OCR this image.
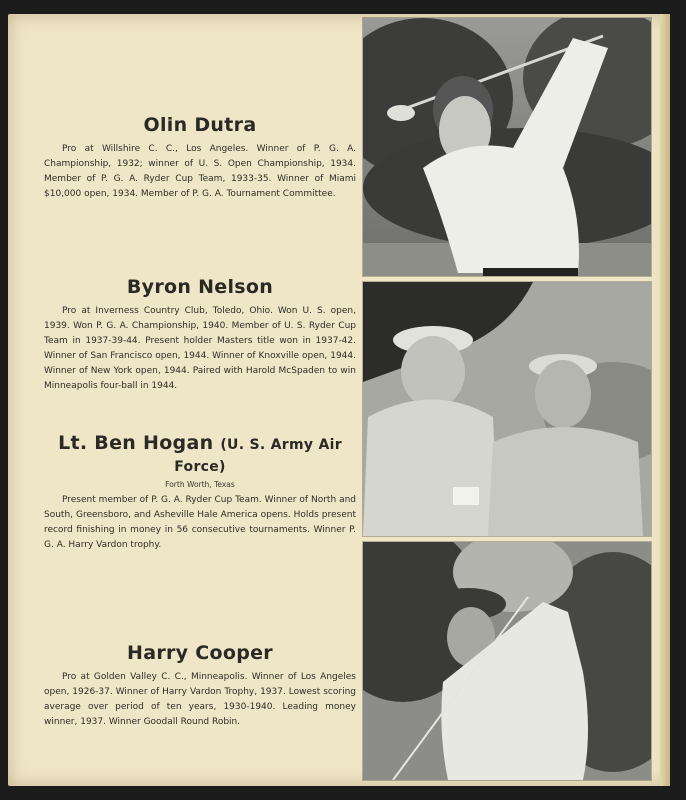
Olin Dutra

Pro at Willshire C. C., Los Angeles. Winner of P. G. A. Championship, 1932; winner of U. S. Open Championship, 1934. Member of P. G. A. Ryder Cup Team, 1933-35. Winner of Miami $10,000 open, 1934. Member of P. G. A. Tournament Committee.

Byron Nelson

Pro at Inverness Country Club, Toledo, Ohio. Won U. S. open, 1939. Won P. G. A. Championship, 1940. Member of U. S. Ryder Cup Team in 1937-39-44. Present holder Masters title won in 1937-42. Winner of San Francisco open, 1944. Winner of Knoxville open, 1944. Winner of New York open, 1944. Paired with Harold McSpaden to win Minneapolis four-ball in 1944.

Lt. Ben Hogan (U. S. Army Air Force)
Forth Worth, Texas

Present member of P. G. A. Ryder Cup Team. Winner of North and South, Greensboro, and Asheville Hale America opens. Holds present record finishing in money in 56 consecutive tournaments. Winner P. G. A. Harry Vardon trophy.

Harry Cooper

Pro at Golden Valley C. C., Minneapolis. Winner of Los Angeles open, 1926-37. Winner of Harry Vardon Trophy, 1937. Lowest scoring average over period of ten years, 1930-1940. Leading money winner, 1937. Winner Goodall Round Robin.
